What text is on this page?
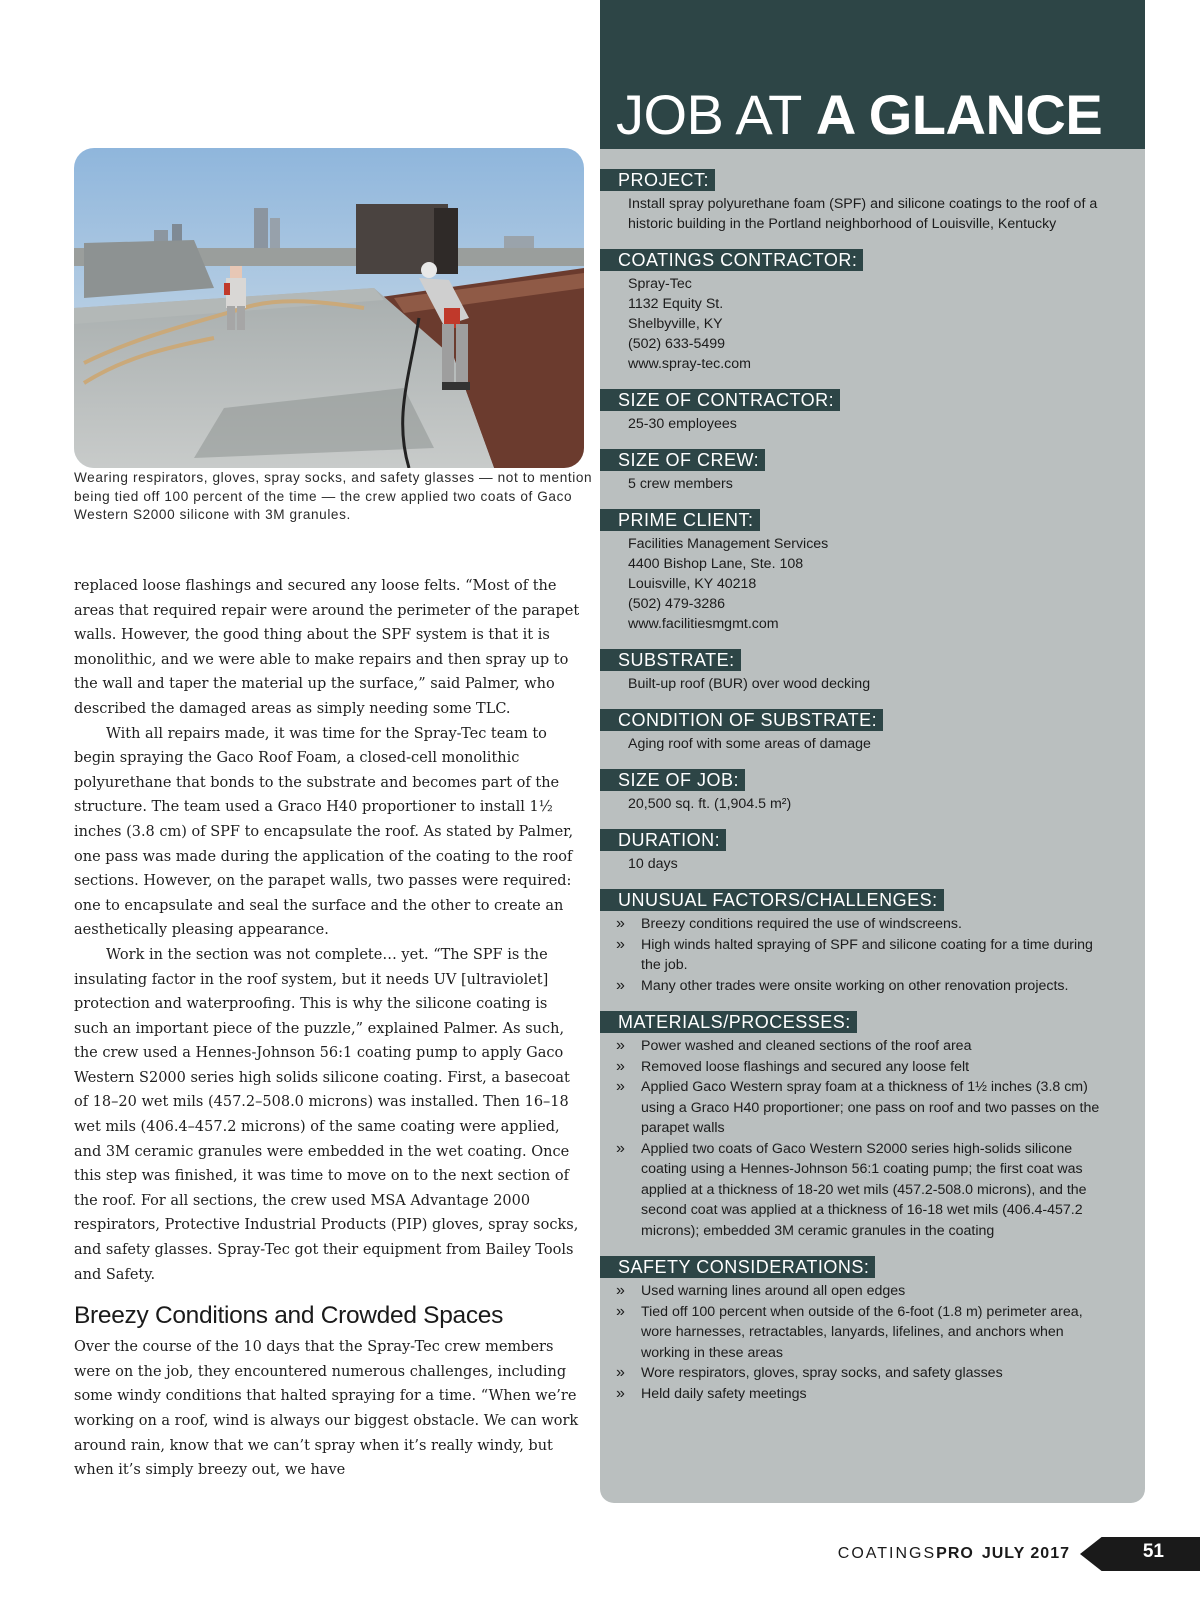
JOB AT A GLANCE
PROJECT:
Install spray polyurethane foam (SPF) and silicone coatings to the roof of a historic building in the Portland neighborhood of Louisville, Kentucky
COATINGS CONTRACTOR:
Spray-Tec
1132 Equity St.
Shelbyville, KY
(502) 633-5499
www.spray-tec.com
SIZE OF CONTRACTOR:
25-30 employees
SIZE OF CREW:
5 crew members
PRIME CLIENT:
Facilities Management Services
4400 Bishop Lane, Ste. 108
Louisville, KY 40218
(502) 479-3286
www.facilitiesmgmt.com
SUBSTRATE:
Built-up roof (BUR) over wood decking
CONDITION OF SUBSTRATE:
Aging roof with some areas of damage
SIZE OF JOB:
20,500 sq. ft. (1,904.5 m²)
DURATION:
10 days
UNUSUAL FACTORS/CHALLENGES:
» Breezy conditions required the use of windscreens.
» High winds halted spraying of SPF and silicone coating for a time during the job.
» Many other trades were onsite working on other renovation projects.
MATERIALS/PROCESSES:
» Power washed and cleaned sections of the roof area
» Removed loose flashings and secured any loose felt
» Applied Gaco Western spray foam at a thickness of 1½ inches (3.8 cm) using a Graco H40 proportioner; one pass on roof and two passes on the parapet walls
» Applied two coats of Gaco Western S2000 series high-solids silicone coating using a Hennes-Johnson 56:1 coating pump; the first coat was applied at a thickness of 18-20 wet mils (457.2-508.0 microns), and the second coat was applied at a thickness of 16-18 wet mils (406.4-457.2 microns); embedded 3M ceramic granules in the coating
SAFETY CONSIDERATIONS:
» Used warning lines around all open edges
» Tied off 100 percent when outside of the 6-foot (1.8 m) perimeter area, wore harnesses, retractables, lanyards, lifelines, and anchors when working in these areas
» Wore respirators, gloves, spray socks, and safety glasses
» Held daily safety meetings
Wearing respirators, gloves, spray socks, and safety glasses — not to mention being tied off 100 percent of the time — the crew applied two coats of Gaco Western S2000 silicone with 3M granules.

replaced loose flashings and secured any loose felts. “Most of the areas that required repair were around the perimeter of the parapet walls. However, the good thing about the SPF system is that it is monolithic, and we were able to make repairs and then spray up to the wall and taper the material up the surface,” said Palmer, who described the damaged areas as simply needing some TLC.

With all repairs made, it was time for the Spray-Tec team to begin spraying the Gaco Roof Foam, a closed-cell monolithic polyurethane that bonds to the substrate and becomes part of the structure. The team used a Graco H40 proportioner to install 1½ inches (3.8 cm) of SPF to encapsulate the roof. As stated by Palmer, one pass was made during the application of the coating to the roof sections. However, on the parapet walls, two passes were required: one to encapsulate and seal the surface and the other to create an aesthetically pleasing appearance.

Work in the section was not complete… yet. “The SPF is the insulating factor in the roof system, but it needs UV [ultraviolet] protection and waterproofing. This is why the silicone coating is such an important piece of the puzzle,” explained Palmer. As such, the crew used a Hennes-Johnson 56:1 coating pump to apply Gaco Western S2000 series high solids silicone coating. First, a basecoat of 18–20 wet mils (457.2–508.0 microns) was installed. Then 16–18 wet mils (406.4–457.2 microns) of the same coating were applied, and 3M ceramic granules were embedded in the wet coating. Once this step was finished, it was time to move on to the next section of the roof. For all sections, the crew used MSA Advantage 2000 respirators, Protective Industrial Products (PIP) gloves, spray socks, and safety glasses. Spray-Tec got their equipment from Bailey Tools and Safety.

Breezy Conditions and Crowded Spaces

Over the course of the 10 days that the Spray-Tec crew members were on the job, they encountered numerous challenges, including some windy conditions that halted spraying for a time. “When we’re working on a roof, wind is always our biggest obstacle. We can work around rain, know that we can’t spray when it’s really windy, but when it’s simply breezy out, we have

COATINGSPRO JULY 2017	51
